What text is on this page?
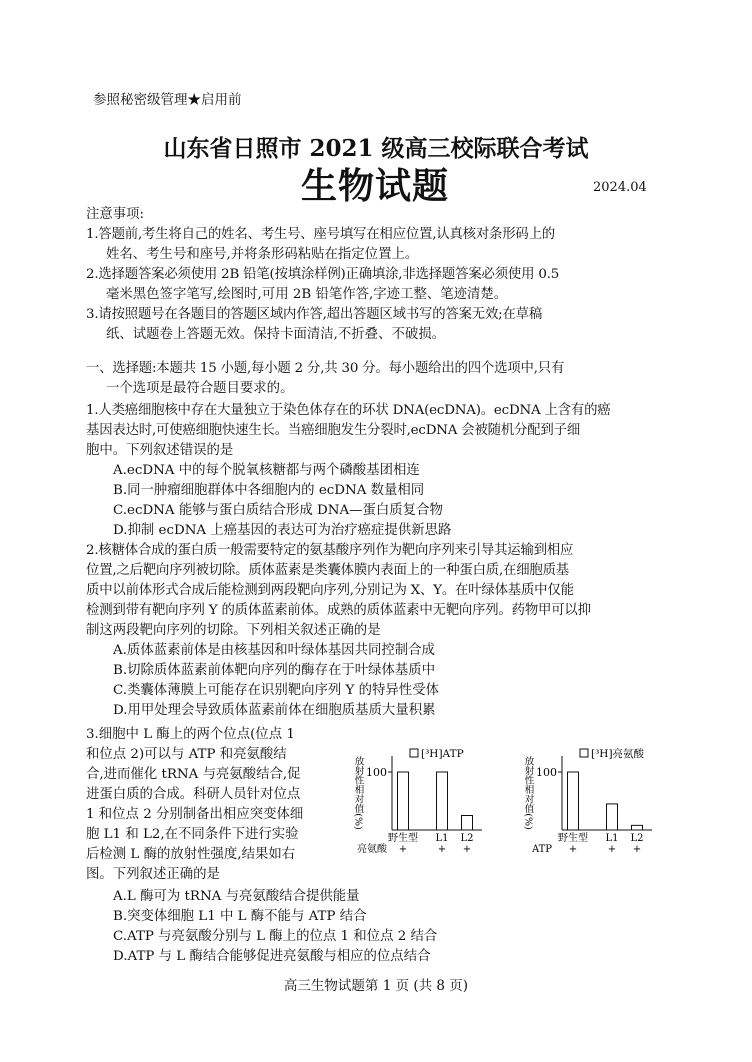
参照秘密级管理★启用前
山东省日照市 2021 级高三校际联合考试
生物试题	2024.04
注意事项:
1.答题前,考生将自己的姓名、考生号、座号填写在相应位置,认真核对条形码上的
姓名、考生号和座号,并将条形码粘贴在指定位置上。
2.选择题答案必须使用 2B 铅笔(按填涂样例)正确填涂,非选择题答案必须使用 0.5
毫米黑色签字笔写,绘图时,可用 2B 铅笔作答,字迹工整、笔迹清楚。
3.请按照题号在各题目的答题区域内作答,超出答题区域书写的答案无效;在草稿
纸、试题卷上答题无效。保持卡面清洁,不折叠、不破损。
一、选择题:本题共 15 小题,每小题 2 分,共 30 分。每小题给出的四个选项中,只有
一个选项是最符合题目要求的。
1.人类癌细胞核中存在大量独立于染色体存在的环状 DNA(ecDNA)。ecDNA 上含有的癌
基因表达时,可使癌细胞快速生长。当癌细胞发生分裂时,ecDNA 会被随机分配到子细
胞中。下列叙述错误的是
A.ecDNA 中的每个脱氧核糖都与两个磷酸基团相连
B.同一肿瘤细胞群体中各细胞内的 ecDNA 数量相同
C.ecDNA 能够与蛋白质结合形成 DNA—蛋白质复合物
D.抑制 ecDNA 上癌基因的表达可为治疗癌症提供新思路
2.核糖体合成的蛋白质一般需要特定的氨基酸序列作为靶向序列来引导其运输到相应
位置,之后靶向序列被切除。质体蓝素是类囊体膜内表面上的一种蛋白质,在细胞质基
质中以前体形式合成后能检测到两段靶向序列,分别记为 X、Y。在叶绿体基质中仅能
检测到带有靶向序列 Y 的质体蓝素前体。成熟的质体蓝素中无靶向序列。药物甲可以抑
制这两段靶向序列的切除。下列相关叙述正确的是
A.质体蓝素前体是由核基因和叶绿体基因共同控制合成
B.切除质体蓝素前体靶向序列的酶存在于叶绿体基质中
C.类囊体薄膜上可能存在识别靶向序列 Y 的特异性受体
D.用甲处理会导致质体蓝素前体在细胞质基质大量积累
3.细胞中 L 酶上的两个位点(位点 1
和位点 2)可以与 ATP 和亮氨酸结
合,进而催化 tRNA 与亮氨酸结合,促
进蛋白质的合成。科研人员针对位点
1 和位点 2 分别制备出相应突变体细
胞 L1 和 L2,在不同条件下进行实验
后检测 L 酶的放射性强度,结果如右
图。下列叙述正确的是
A.L 酶可为 tRNA 与亮氨酸结合提供能量
B.突变体细胞 L1 中 L 酶不能与 ATP 结合
C.ATP 与亮氨酸分别与 L 酶上的位点 1 和位点 2 结合
D.ATP 与 L 酶结合能够促进亮氨酸与相应的位点结合
放射性相对值(%) 100
[³H]ATP
野生型
+
L1
+
L2
+
亮氨酸
放射性相对值(%) 100
[³H]亮氨酸
野生型
+
L1
+
L2
+
ATP
高三生物试题第 1 页 (共 8 页)
